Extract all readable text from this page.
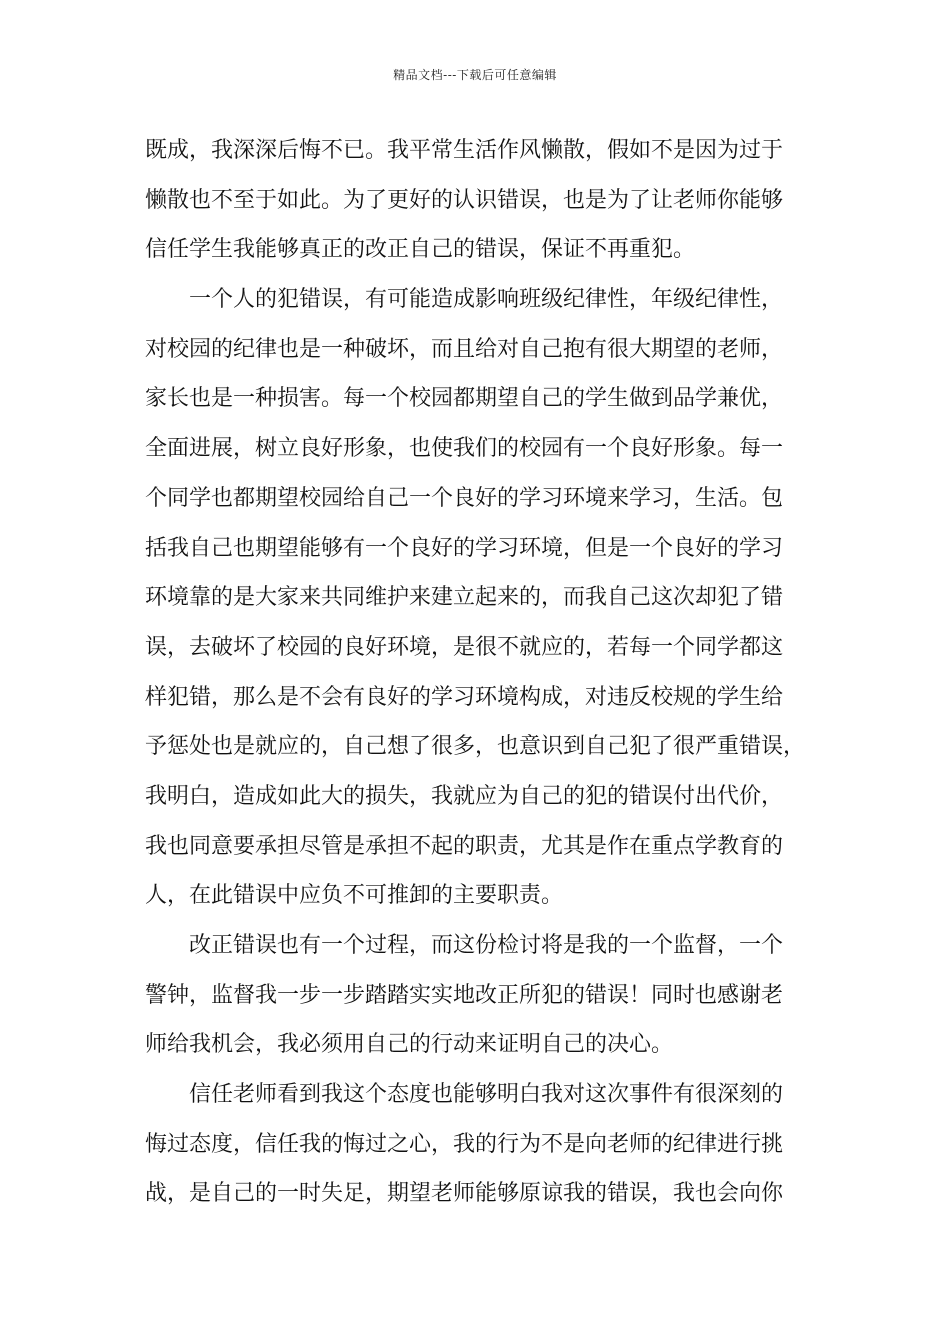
精品文档---下载后可任意编辑
既成，我深深后悔不已。我平常生活作风懒散，假如不是因为过于
懒散也不至于如此。为了更好的认识错误，也是为了让老师你能够
信任学生我能够真正的改正自己的错误，保证不再重犯。
一个人的犯错误，有可能造成影响班级纪律性，年级纪律性，
对校园的纪律也是一种破坏，而且给对自己抱有很大期望的老师，
家长也是一种损害。每一个校园都期望自己的学生做到品学兼优，
全面进展，树立良好形象，也使我们的校园有一个良好形象。每一
个同学也都期望校园给自己一个良好的学习环境来学习，生活。包
括我自己也期望能够有一个良好的学习环境，但是一个良好的学习
环境靠的是大家来共同维护来建立起来的，而我自己这次却犯了错
误，去破坏了校园的良好环境，是很不就应的，若每一个同学都这
样犯错，那么是不会有良好的学习环境构成，对违反校规的学生给
予惩处也是就应的，自己想了很多，也意识到自己犯了很严重错误，
我明白，造成如此大的损失，我就应为自己的犯的错误付出代价，
我也同意要承担尽管是承担不起的职责，尤其是作在重点学教育的
人，在此错误中应负不可推卸的主要职责。
改正错误也有一个过程，而这份检讨将是我的一个监督，一个
警钟，监督我一步一步踏踏实实地改正所犯的错误！同时也感谢老
师给我机会，我必须用自己的行动来证明自己的决心。
信任老师看到我这个态度也能够明白我对这次事件有很深刻的
悔过态度，信任我的悔过之心，我的行为不是向老师的纪律进行挑
战，是自己的一时失足，期望老师能够原谅我的错误，我也会向你
